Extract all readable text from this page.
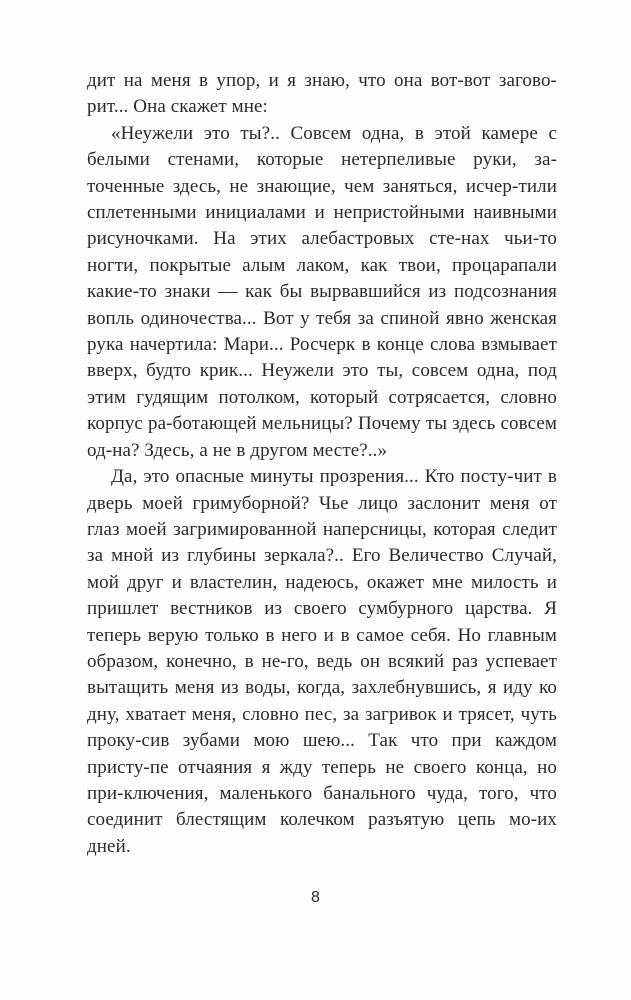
дит на меня в упор, и я знаю, что она вот-вот загово-рит... Она скажет мне:

«Неужели это ты?.. Совсем одна, в этой камере с белыми стенами, которые нетерпеливые руки, за-точенные здесь, не знающие, чем заняться, исчер-тили сплетенными инициалами и непристойными наивными рисуночками. На этих алебастровых сте-нах чьи-то ногти, покрытые алым лаком, как твои, процарапали какие-то знаки — как бы вырвавшийся из подсознания вопль одиночества... Вот у тебя за спиной явно женская рука начертила: Мари... Росчерк в конце слова взмывает вверх, будто крик... Неужели это ты, совсем одна, под этим гудящим потолком, который сотрясается, словно корпус ра-ботающей мельницы? Почему ты здесь совсем од-на? Здесь, а не в другом месте?..»

Да, это опасные минуты прозрения... Кто посту-чит в дверь моей гримуборной? Чье лицо заслонит меня от глаз моей загримированной наперсницы, которая следит за мной из глубины зеркала?.. Его Величество Случай, мой друг и властелин, надеюсь, окажет мне милость и пришлет вестников из своего сумбурного царства. Я теперь верую только в него и в самое себя. Но главным образом, конечно, в не-го, ведь он всякий раз успевает вытащить меня из воды, когда, захлебнувшись, я иду ко дну, хватает меня, словно пес, за загривок и трясет, чуть проку-сив зубами мою шею... Так что при каждом присту-пе отчаяния я жду теперь не своего конца, но при-ключения, маленького банального чуда, того, что соединит блестящим колечком разъятую цепь мо-их дней.

8
